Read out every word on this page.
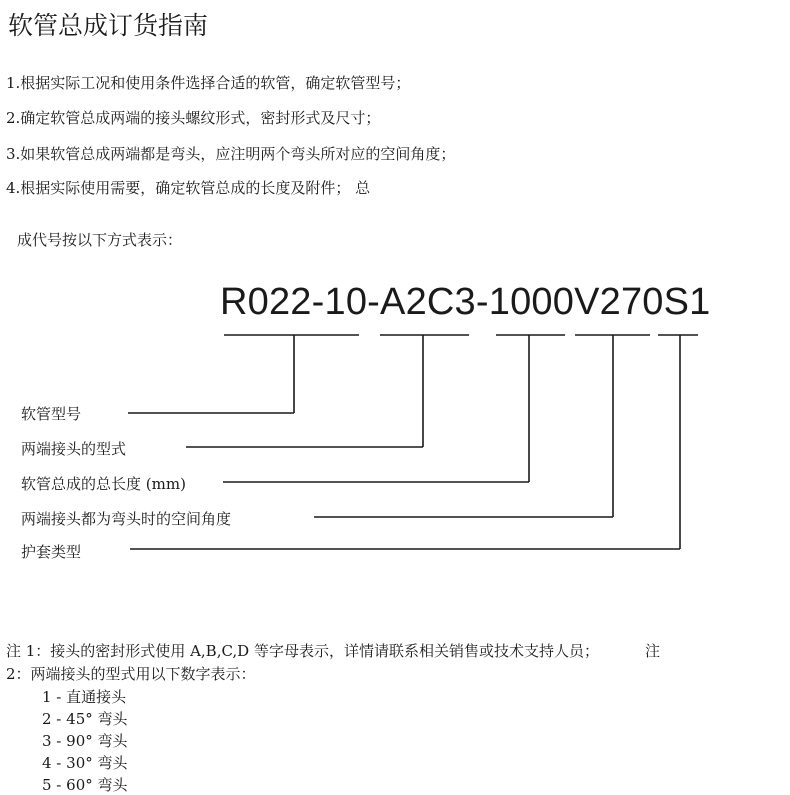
软管总成订货指南
1.根据实际工况和使用条件选择合适的软管，确定软管型号；
2.确定软管总成两端的接头螺纹形式，密封形式及尺寸；
3.如果软管总成两端都是弯头，应注明两个弯头所对应的空间角度；
4.根据实际使用需要，确定软管总成的长度及附件； 总
成代号按以下方式表示：
R022-10-A2C3-1000V270S1
软管型号
两端接头的型式
软管总成的总长度 (mm)
两端接头都为弯头时的空间角度
护套类型
注 1：接头的密封形式使用 A,B,C,D 等字母表示，详情请联系相关销售或技术支持人员；	注
2：两端接头的型式用以下数字表示：
1 - 直通接头
2 - 45° 弯头
3 - 90° 弯头
4 - 30° 弯头
5 - 60° 弯头
